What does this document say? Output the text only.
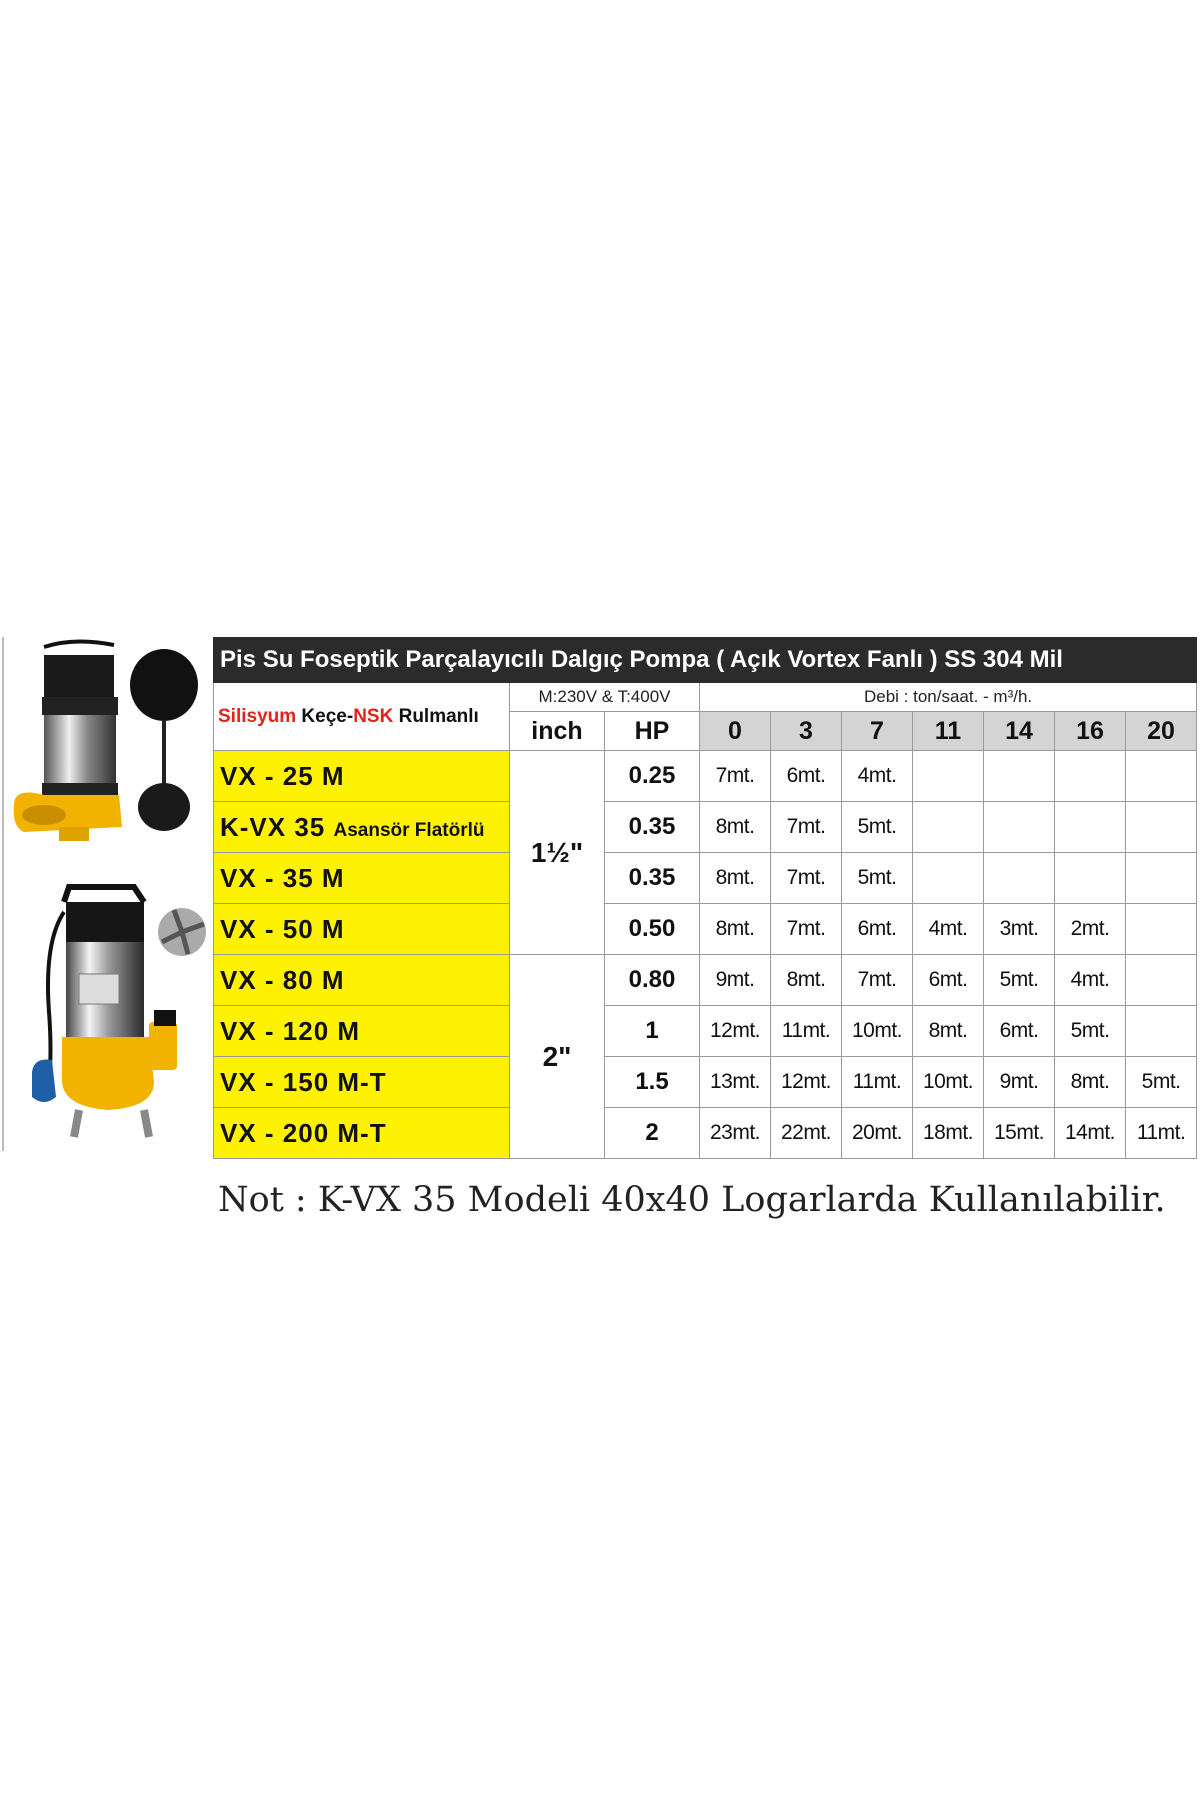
Pis Su Foseptik Parçalayıcılı Dalgıç Pompa ( Açık Vortex Fanlı ) SS 304 Mil									
Silisyum Keçe-NSK Rulmanlı	M:230V & T:400V		Debi : ton/saat. - m³/h.						
	inch	HP	0	3	7	11	14	16	20
VX - 25 M	1½"	0.25	7mt.	6mt.	4mt.				
K-VX 35 Asansör Flatörlü		0.35	8mt.	7mt.	5mt.				
VX - 35 M		0.35	8mt.	7mt.	5mt.				
VX - 50 M		0.50	8mt.	7mt.	6mt.	4mt.	3mt.	2mt.	
VX - 80 M	2"	0.80	9mt.	8mt.	7mt.	6mt.	5mt.	4mt.	
VX - 120 M		1	12mt.	11mt.	10mt.	8mt.	6mt.	5mt.	
VX - 150 M-T		1.5	13mt.	12mt.	11mt.	10mt.	9mt.	8mt.	5mt.
VX - 200 M-T		2	23mt.	22mt.	20mt.	18mt.	15mt.	14mt.	11mt.
Not : K-VX 35 Modeli 40x40 Logarlarda Kullanılabilir.
